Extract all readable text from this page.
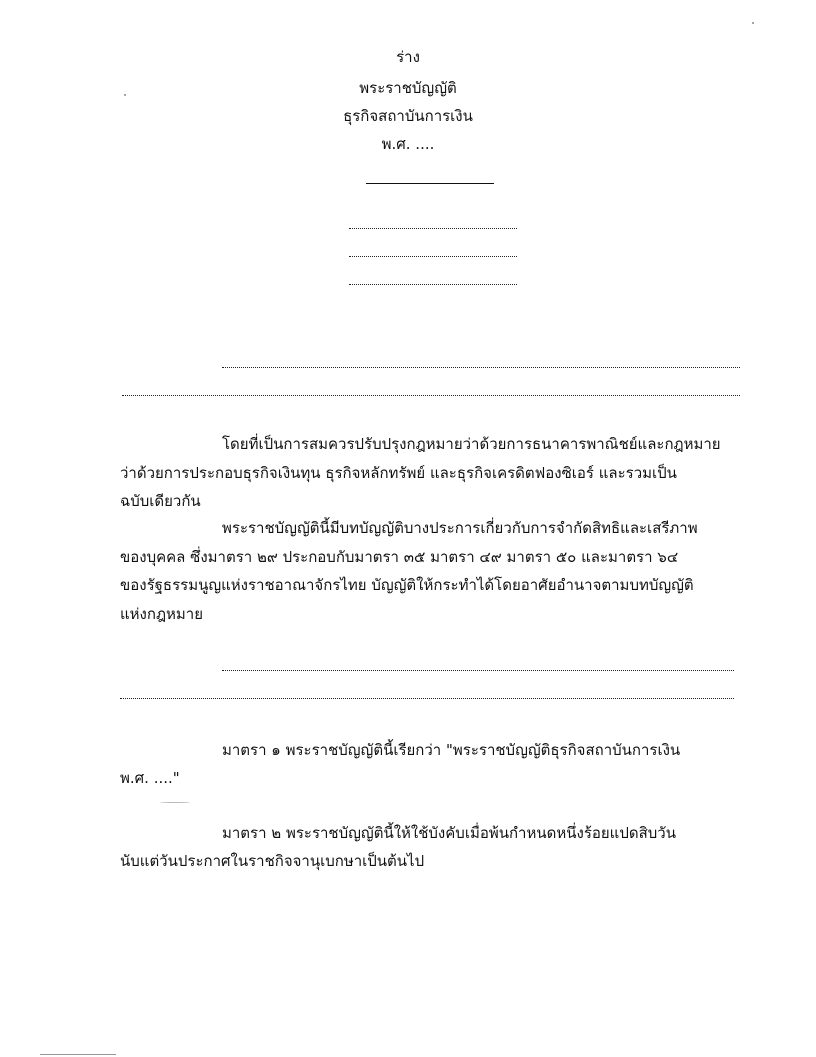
ร่าง
พระราชบัญญัติ
ธุรกิจสถาบันการเงิน
พ.ศ. ....
โดยที่เป็นการสมควรปรับปรุงกฎหมายว่าด้วยการธนาคารพาณิชย์และกฎหมาย
ว่าด้วยการประกอบธุรกิจเงินทุน ธุรกิจหลักทรัพย์ และธุรกิจเครดิตฟองซิเอร์ และรวมเป็น
ฉบับเดียวกัน
พระราชบัญญัตินี้มีบทบัญญัติบางประการเกี่ยวกับการจำกัดสิทธิและเสรีภาพ
ของบุคคล ซึ่งมาตรา ๒๙ ประกอบกับมาตรา ๓๕ มาตรา ๔๙ มาตรา ๕๐ และมาตรา ๖๔
ของรัฐธรรมนูญแห่งราชอาณาจักรไทย บัญญัติให้กระทำได้โดยอาศัยอำนาจตามบทบัญญัติ
แห่งกฎหมาย
มาตรา ๑ พระราชบัญญัตินี้เรียกว่า "พระราชบัญญัติธุรกิจสถาบันการเงิน
พ.ศ. ...."
มาตรา ๒ พระราชบัญญัตินี้ให้ใช้บังคับเมื่อพ้นกำหนดหนึ่งร้อยแปดสิบวัน
นับแต่วันประกาศในราชกิจจานุเบกษาเป็นต้นไป
